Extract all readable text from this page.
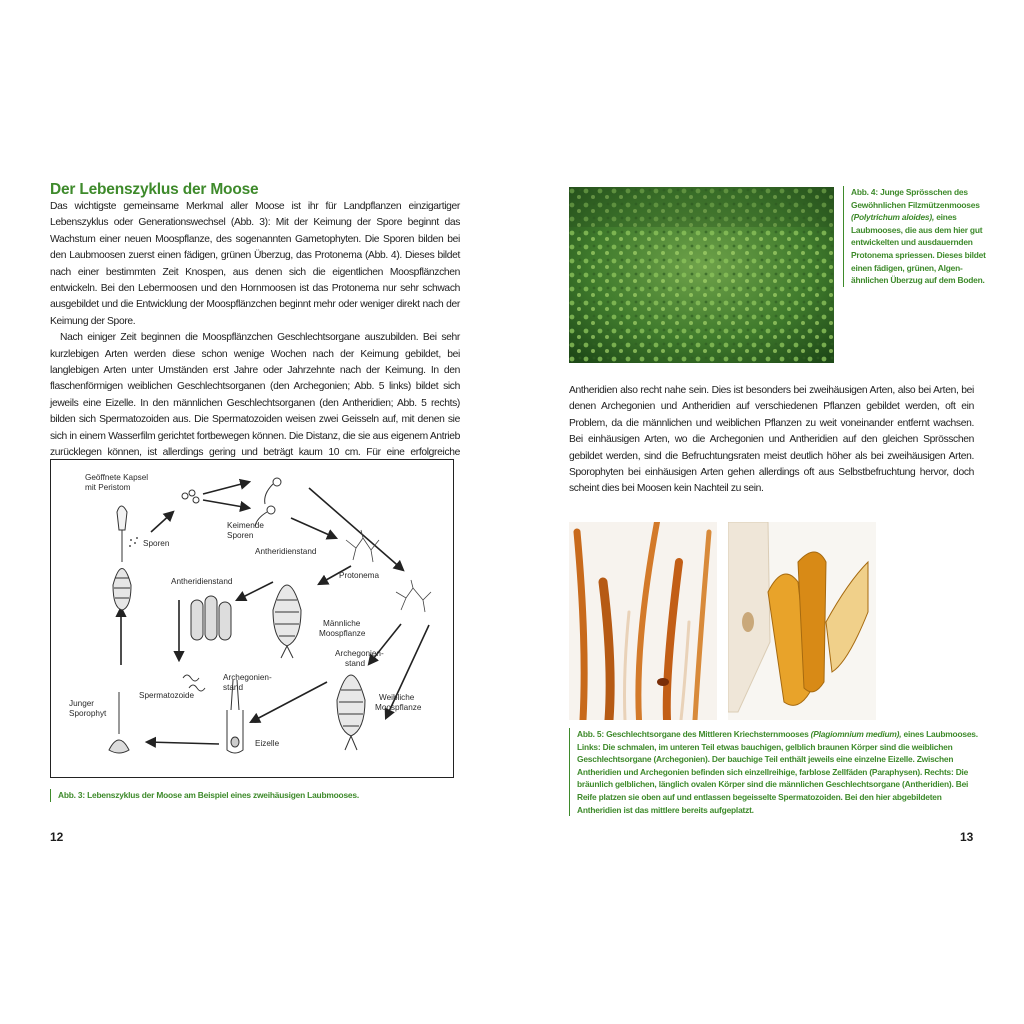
Der Lebenszyklus der Moose

Das wichtigste gemeinsame Merkmal aller Moose ist ihr für Landpflanzen einzigartiger Lebenszyklus oder Generationswechsel (Abb. 3): Mit der Keimung der Spore beginnt das Wachstum einer neuen Moospflanze, des sogenannten Gametophyten. Die Sporen bilden bei den Laubmoosen zuerst einen fädigen, grünen Überzug, das Protonema (Abb. 4). Dieses bildet nach einer bestimmten Zeit Knospen, aus denen sich die eigentlichen Moospflänzchen entwickeln. Bei den Lebermoosen und den Hornmoosen ist das Protonema nur sehr schwach ausgebildet und die Entwicklung der Moospflänzchen beginnt mehr oder weniger direkt nach der Keimung der Spore.

Nach einiger Zeit beginnen die Moospflänzchen Geschlechtsorgane auszubilden. Bei sehr kurzlebigen Arten werden diese schon wenige Wochen nach der Keimung gebildet, bei langlebigen Arten unter Umständen erst Jahre oder Jahrzehnte nach der Keimung. In den flaschenförmigen weiblichen Geschlechtsorganen (den Archegonien; Abb. 5 links) bildet sich jeweils eine Eizelle. In den männlichen Geschlechtsorganen (den Antheridien; Abb. 5 rechts) bilden sich Spermatozoiden aus. Die Spermatozoiden weisen zwei Geisseln auf, mit denen sie sich in einem Wasserfilm gerichtet fortbewegen können. Die Distanz, die sie aus eigenem Antrieb zurücklegen können, ist allerdings gering und beträgt kaum 10 cm. Für eine erfolgreiche

Geöffnete Kapsel
mit Peristom
Sporen
Keimende
Sporen
Antheridienstand
Antheridienstand
Protonema
Männliche
Moospflanze
Archegonien-
stand
Spermatozoide
Archegonien-
stand
Junger
Sporophyt
Eizelle
Weibliche
Moospflanze
Abb. 3: Lebenszyklus der Moose am Beispiel eines zweihäusigen Laubmooses.
12
Abb. 4: Junge Sprösschen des Gewöhnlichen Filzmützenmooses (Polytrichum aloides), eines Laubmooses, die aus dem hier gut entwickelten und ausdauernden Protonema spriessen. Dieses bildet einen fädigen, grünen, Algen-ähnlichen Überzug auf dem Boden.

Antheridien also recht nahe sein. Dies ist besonders bei zweihäusigen Arten, also bei Arten, bei denen Archegonien und Antheridien auf verschiedenen Pflanzen gebildet werden, oft ein Problem, da die männlichen und weiblichen Pflanzen zu weit voneinander entfernt wachsen. Bei einhäusigen Arten, wo die Archegonien und Antheridien auf den gleichen Sprösschen gebildet werden, sind die Befruchtungsraten meist deutlich höher als bei zweihäusigen Arten. Sporophyten bei einhäusigen Arten gehen allerdings oft aus Selbstbefruchtung hervor, doch scheint dies bei Moosen kein Nachteil zu sein.

Abb. 5: Geschlechtsorgane des Mittleren Kriechsternmooses (Plagiomnium medium), eines Laubmooses. Links: Die schmalen, im unteren Teil etwas bauchigen, gelblich braunen Körper sind die weiblichen Geschlechtsorgane (Archegonien). Der bauchige Teil enthält jeweils eine einzelne Eizelle. Zwischen Antheridien und Archegonien befinden sich einzellreihige, farblose Zellfäden (Paraphysen). Rechts: Die bräunlich gelblichen, länglich ovalen Körper sind die männlichen Geschlechtsorgane (Antheridien). Bei Reife platzen sie oben auf und entlassen begeisselte Spermatozoiden. Bei den hier abgebildeten Antheridien ist das mittlere bereits aufgeplatzt.
13
